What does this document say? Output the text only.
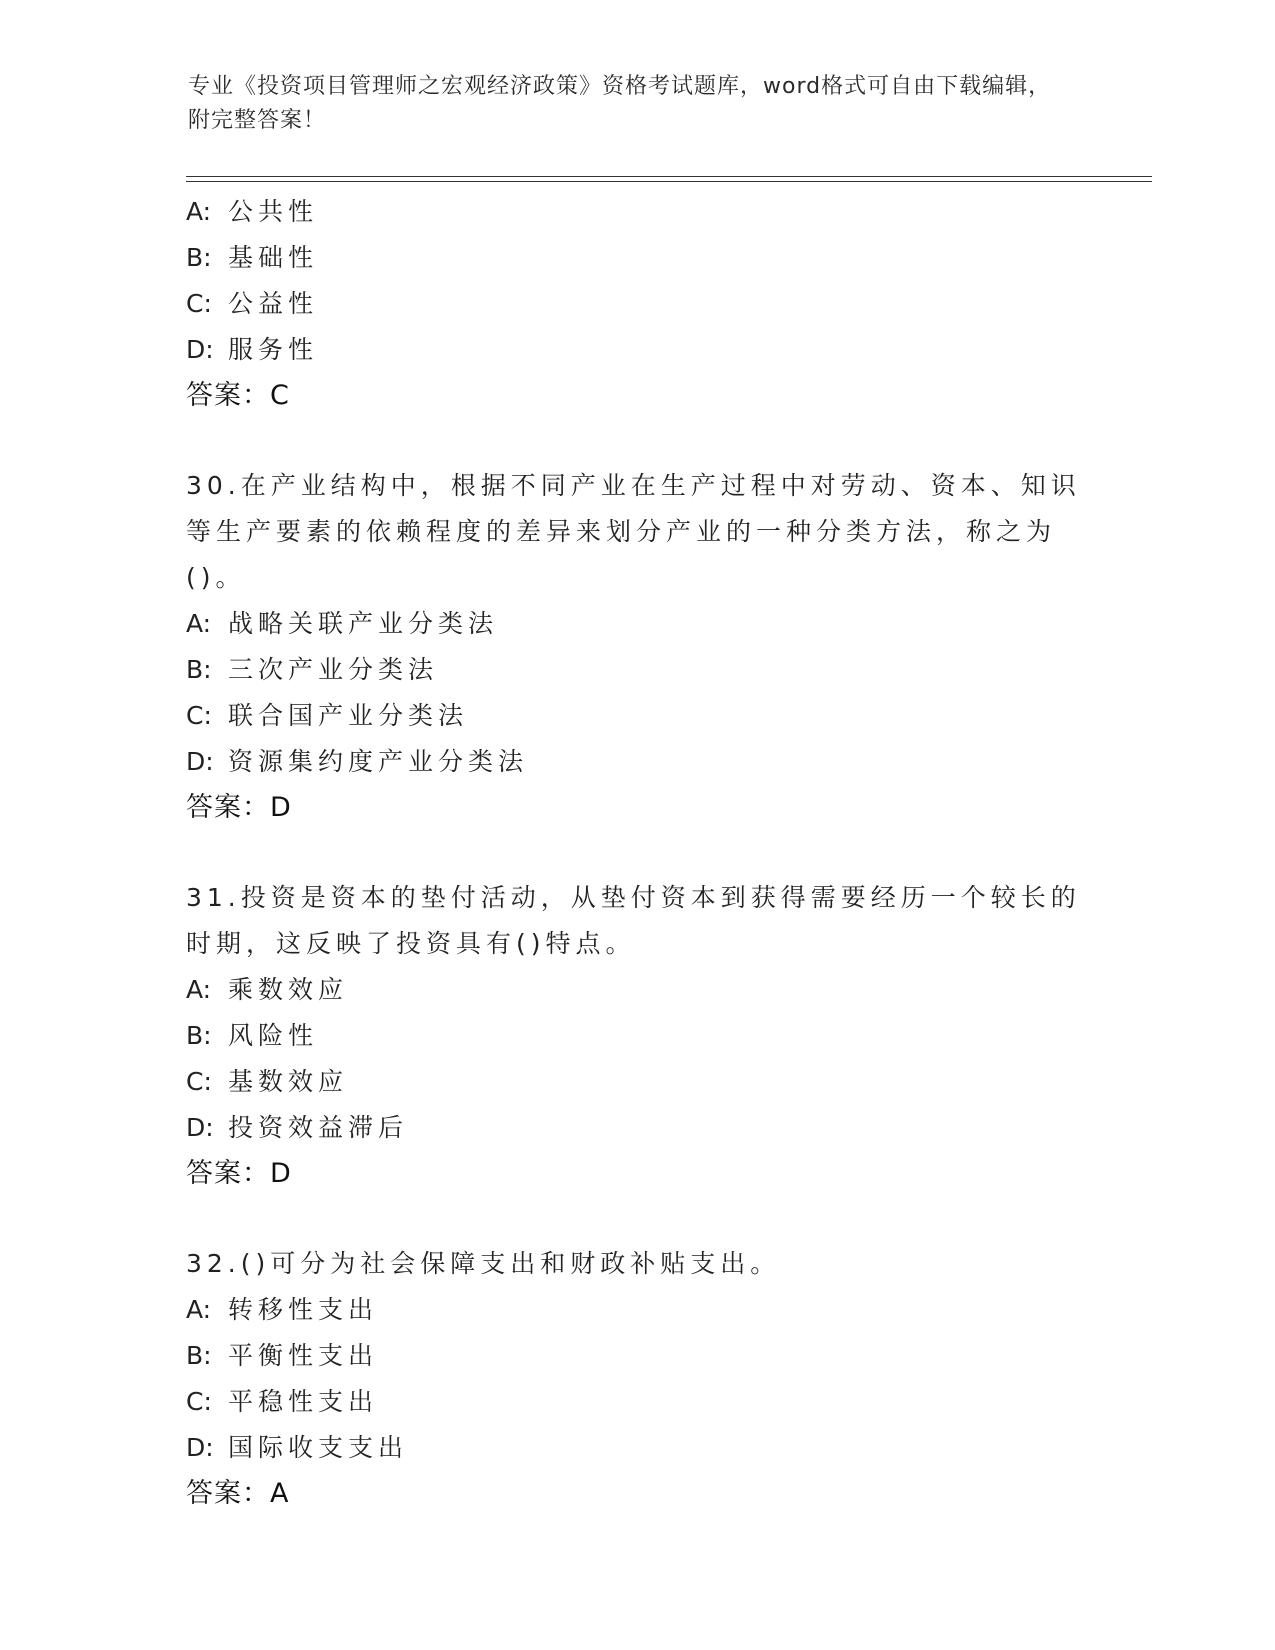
专业《投资项目管理师之宏观经济政策》资格考试题库，word格式可自由下载编辑，附完整答案！
A: 公共性
B: 基础性
C: 公益性
D: 服务性
答案：C

30.在产业结构中，根据不同产业在生产过程中对劳动、资本、知识等生产要素的依赖程度的差异来划分产业的一种分类方法，称之为()。

A: 战略关联产业分类法
B: 三次产业分类法
C: 联合国产业分类法
D: 资源集约度产业分类法
答案：D

31.投资是资本的垫付活动，从垫付资本到获得需要经历一个较长的时期，这反映了投资具有()特点。

A: 乘数效应
B: 风险性
C: 基数效应
D: 投资效益滞后
答案：D

32.()可分为社会保障支出和财政补贴支出。

A: 转移性支出
B: 平衡性支出
C: 平稳性支出
D: 国际收支支出
答案：A
